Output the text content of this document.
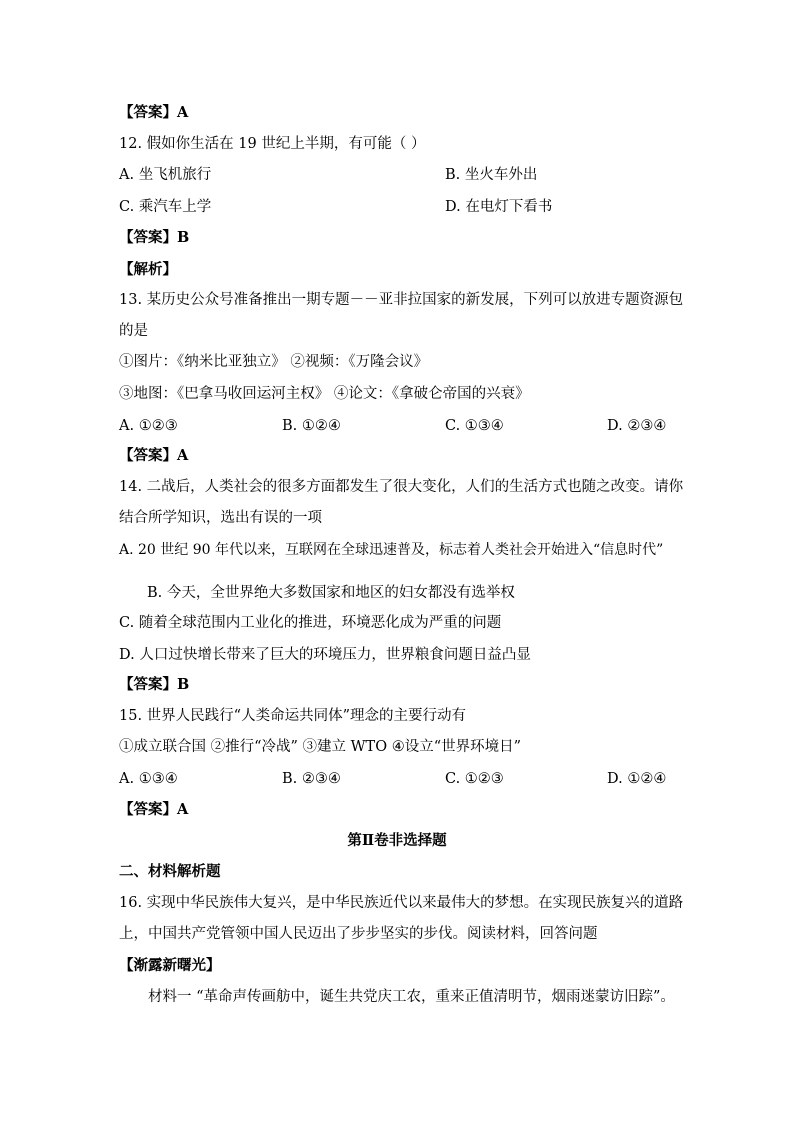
【答案】A
12. 假如你生活在 19 世纪上半期，有可能（ ）
A. 坐飞机旅行	B. 坐火车外出
C. 乘汽车上学	D. 在电灯下看书
【答案】B
【解析】
13. 某历史公众号准备推出一期专题－－亚非拉国家的新发展，下列可以放进专题资源包
的是
①图片：《纳米比亚独立》 ②视频：《万隆会议》
③地图：《巴拿马收回运河主权》 ④论文：《拿破仑帝国的兴衰》
A. ①②③	B. ①②④	C. ①③④	D. ②③④
【答案】A
14. 二战后，人类社会的很多方面都发生了很大变化，人们的生活方式也随之改变。请你
结合所学知识，选出有误的一项
A. 20 世纪 90 年代以来，互联网在全球迅速普及，标志着人类社会开始进入“信息时代”
B. 今天，全世界绝大多数国家和地区的妇女都没有选举权
C. 随着全球范围内工业化的推进，环境恶化成为严重的问题
D. 人口过快增长带来了巨大的环境压力，世界粮食问题日益凸显
【答案】B
15. 世界人民践行“人类命运共同体”理念的主要行动有
①成立联合国 ②推行“冷战” ③建立 WTO ④设立“世界环境日”
A. ①③④	B. ②③④	C. ①②③	D. ①②④
【答案】A
第Ⅱ卷非选择题
二、材料解析题
16. 实现中华民族伟大复兴，是中华民族近代以来最伟大的梦想。在实现民族复兴的道路
上，中国共产党管领中国人民迈出了步步坚实的步伐。阅读材料，回答问题
【渐露新曙光】
材料一 “革命声传画舫中，诞生共党庆工农，重来正值清明节，烟雨迷蒙访旧踪”。
